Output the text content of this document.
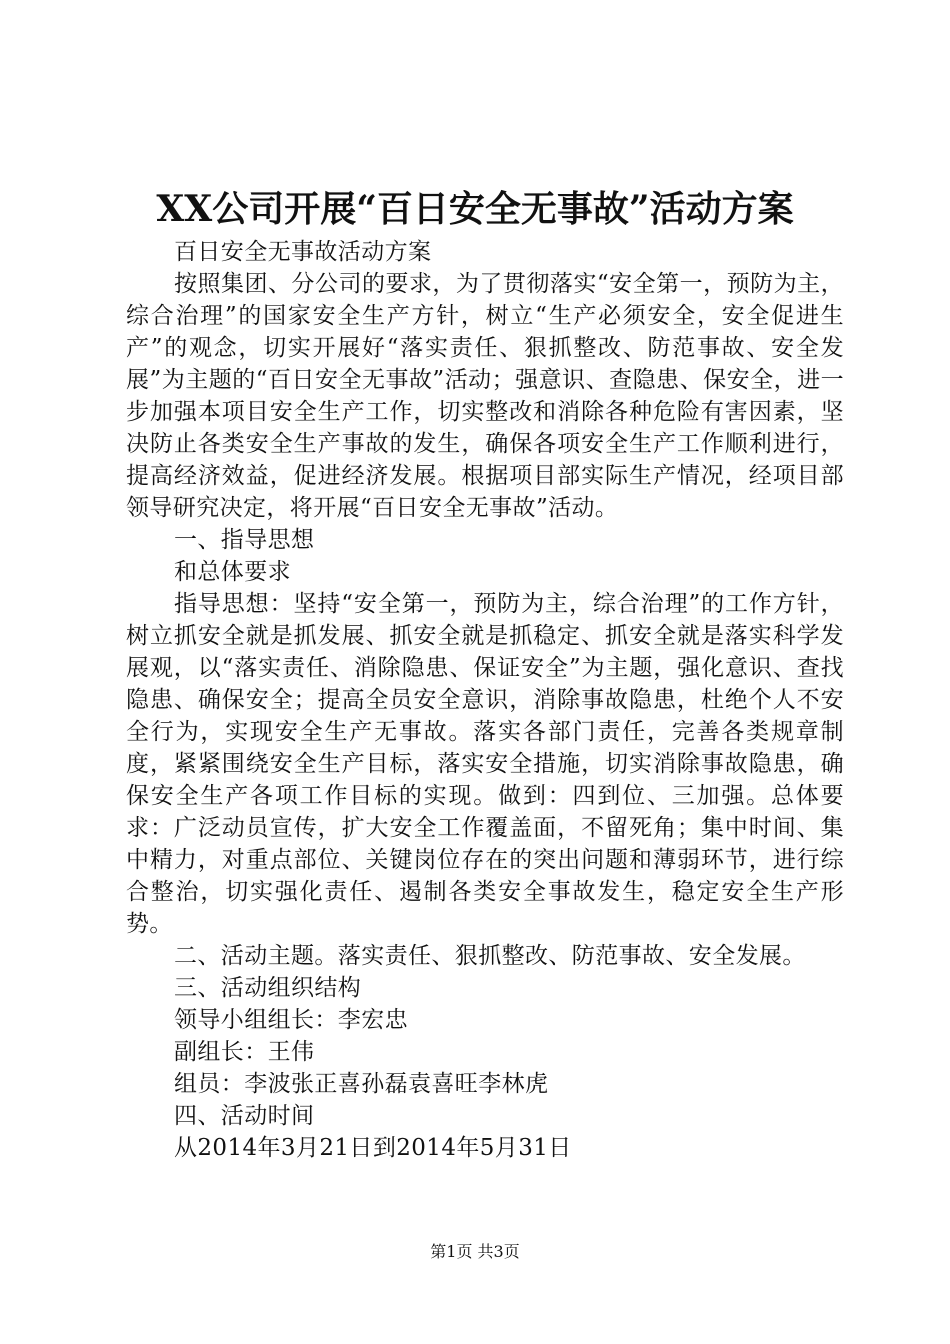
XX公司开展“百日安全无事故”活动方案

百日安全无事故活动方案

按照集团、分公司的要求，为了贯彻落实“安全第一，预防为主，综合治理”的国家安全生产方针，树立“生产必须安全，安全促进生产”的观念，切实开展好“落实责任、狠抓整改、防范事故、安全发展”为主题的“百日安全无事故”活动；强意识、查隐患、保安全，进一步加强本项目安全生产工作，切实整改和消除各种危险有害因素，坚决防止各类安全生产事故的发生，确保各项安全生产工作顺利进行，提高经济效益，促进经济发展。根据项目部实际生产情况，经项目部领导研究决定，将开展“百日安全无事故”活动。

一、指导思想

和总体要求

指导思想：坚持“安全第一，预防为主，综合治理”的工作方针，树立抓安全就是抓发展、抓安全就是抓稳定、抓安全就是落实科学发展观，以“落实责任、消除隐患、保证安全”为主题，强化意识、查找隐患、确保安全；提高全员安全意识，消除事故隐患，杜绝个人不安全行为，实现安全生产无事故。落实各部门责任，完善各类规章制度，紧紧围绕安全生产目标，落实安全措施，切实消除事故隐患，确保安全生产各项工作目标的实现。做到：四到位、三加强。总体要求：广泛动员宣传，扩大安全工作覆盖面，不留死角；集中时间、集中精力，对重点部位、关键岗位存在的突出问题和薄弱环节，进行综合整治，切实强化责任、遏制各类安全事故发生，稳定安全生产形势。

二、活动主题。落实责任、狠抓整改、防范事故、安全发展。

三、活动组织结构

领导小组组长：李宏忠

副组长：王伟

组员：李波张正喜孙磊袁喜旺李林虎

四、活动时间

从2014年3月21日到2014年5月31日

第1页 共3页
